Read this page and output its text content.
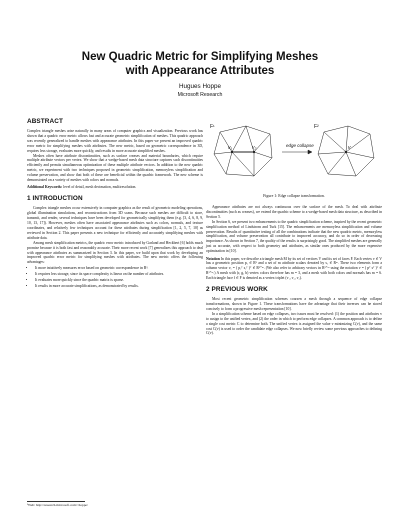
New Quadric Metric for Simplifying Meshes
with Appearance Attributes
Hugues Hoppe
Microsoft Research
ABSTRACT

Complex triangle meshes arise naturally in many areas of computer graphics and visualization. Previous work has shown that a quadric error metric allows fast and accurate geometric simplification of meshes. This quadric approach was recently generalized to handle meshes with appearance attributes. In this paper we present an improved quadric error metric for simplifying meshes with attributes. The new metric, based on geometric correspondence in 3D, requires less storage, evaluates more quickly, and results in more accurate simplified meshes.

Meshes often have attribute discontinuities, such as surface creases and material boundaries, which require multiple attribute vectors per vertex. We show that a wedge-based mesh data structure captures such discontinuities efficiently and permits simultaneous optimization of these multiple attribute vectors. In addition to the new quadric metric, we experiment with two techniques proposed in geometric simplification, memoryless simplification and volume preservation, and show that both of these are beneficial within the quadric framework. The new scheme is demonstrated on a variety of meshes with colors and normals.

Additional Keywords: level of detail, mesh decimation, multiresolution.

1 INTRODUCTION

Complex triangle meshes occur extensively in computer graphics as the result of geometric modeling operations, global illumination simulations, and reconstructions from 3D scans. Because such meshes are difficult to store, transmit, and render, several techniques have been developed for geometrically simplifying them (e.g. [3, 4, 6, 8, 9, 10, 13, 17]). However, meshes often have associated appearance attributes such as colors, normals, and texture coordinates, and relatively few techniques account for these attributes during simplification [1, 2, 5, 7, 10] as reviewed in Section 2. This paper presents a new technique for efficiently and accurately simplifying meshes with attribute data.

Among mesh simplification metrics, the quadric error metric introduced by Garland and Heckbert [6] holds much promise because it is both fast and reasonably accurate. Their more recent work [7] generalizes this approach to deal with appearance attributes as summarized in Section 3. In this paper, we build upon that work by developing an improved quadric error metric for simplifying meshes with attributes. The new metric offers the following advantages:

• It more intuitively measures error based on geometric correspondence in R³.
• It requires less storage, since its space complexity is linear on the number of attributes.
• It evaluates more quickly since the quadric matrix is sparse.
• It results in more accurate simplifications, as demonstrated by results.
¹Web: http://research.microsoft.com/~hoppe/
F¹	F²
v₁	v₂	v
edge collapse
Figure 1: Edge collapse transformation.

Appearance attributes are not always continuous over the surface of the mesh. To deal with attribute discontinuities (such as creases), we extend the quadric scheme to a wedge-based mesh data structure, as described in Section 5.

In Section 6, we present two enhancements to the quadric simplification scheme, inspired by the recent geometric simplification method of Lindstrom and Turk [15]. The enhancements are memoryless simplification and volume preservation. Results of quantitative testing of all the combinations indicate that the new quadric metric, memoryless simplification, and volume preservation all contribute to improved accuracy, and do so in order of decreasing importance. As shown in Section 7, the quality of the results is surprisingly good. The simplified meshes are generally just as accurate, with respect to both geometry and attributes, as similar ones produced by the more expensive optimization in [10].

Notation In this paper, we describe a triangle mesh M by its set of vertices V and its set of faces F. Each vertex v ∈ V has a geometric position pᵥ ∈ R³ and a set of m attribute scalars denoted by sᵥ ∈ Rᵐ. These two elements form a column vector vᵥ = ( pᵥᵀ sᵥᵀ )ᵀ ∈ R³⁺ᵐ. (We also refer to arbitrary vectors in R³⁺ᵐ using the notation v = ( pᵀ sᵀ )ᵀ ∈ R³⁺ᵐ.) A mesh with (r, g, b) vertex colors therefore has m = 3, and a mesh with both colors and normals has m = 6. Each triangle face f ∈ F is denoted as a vertex triplet (v₁, v₂, v₃).

2 PREVIOUS WORK

Most recent geometric simplification schemes coarsen a mesh through a sequence of edge collapse transformations, shown in Figure 1. These transformations have the advantage that their inverses can be stored concisely to form a progressive mesh representation [10].

In a simplification scheme based on edge collapses, two issues must be resolved: (1) the position and attributes v to assign to the unified vertex, and (2) the order in which to perform edge collapses. A common approach is to define a single cost metric C to determine both. The unified vertex is assigned the value v minimizing C(v), and the same cost C(v) is used to order the candidate edge collapses. We now briefly review some previous approaches to defining C(v).
